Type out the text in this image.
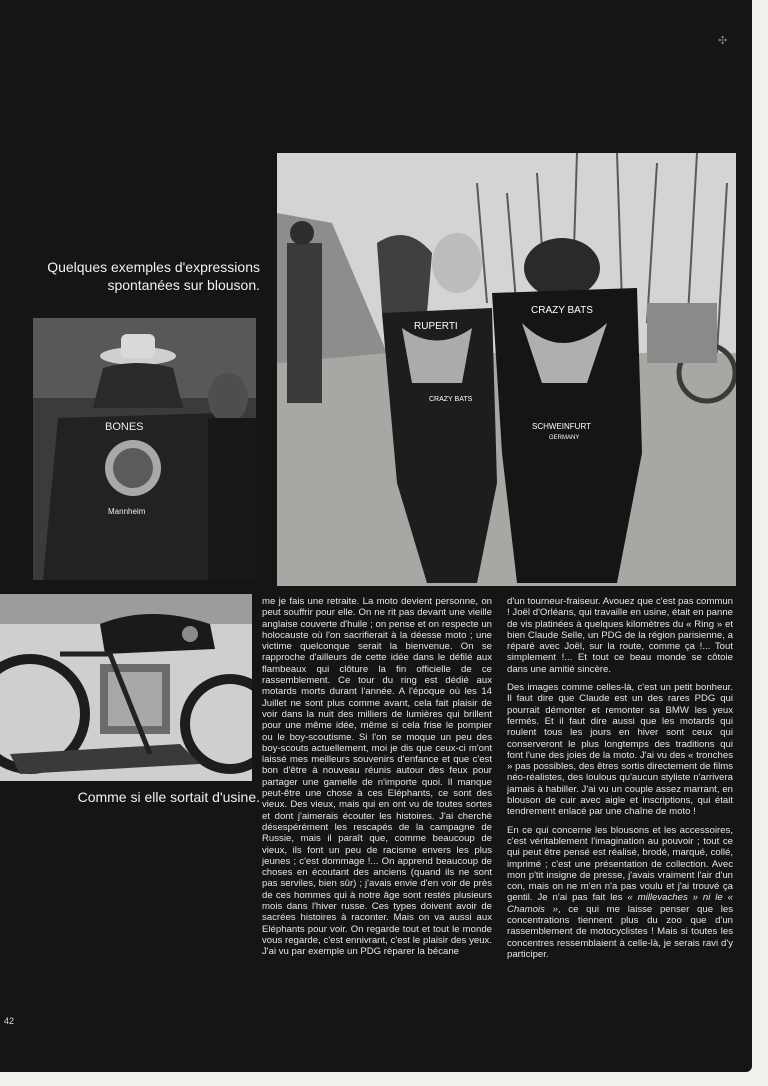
✣
RUPERTI
CRAZY BATS
CRAZY BATS
SCHWEINFURT
GERMANY
Quelques exemples d'expressions spontanées sur blouson.
BONES
Mannheim
Comme si elle sortait d'usine.

me je fais une retraite. La moto devient personne, on peut souffrir pour elle. On ne rit pas devant une vieille anglaise couverte d'huile ; on pense et on respecte un holocauste où l'on sacrifierait à la déesse moto ; une victime quelconque serait la bienvenue. On se rapproche d'ailleurs de cette idée dans le défilé aux flambeaux qui clôture la fin officielle de ce rassemblement. Ce tour du ring est dédié aux motards morts durant l'année. A l'époque où les 14 Juillet ne sont plus comme avant, cela fait plaisir de voir dans la nuit des milliers de lumières qui brillent pour une même idée, même si cela frise le pompier ou le boy-scoutisme. Si l'on se moque un peu des boy-scouts actuellement, moi je dis que ceux-ci m'ont laissé mes meilleurs souvenirs d'enfance et que c'est bon d'être à nouveau réunis autour des feux pour partager une gamelle de n'importe quoi. Il manque peut-être une chose à ces Eléphants, ce sont des vieux. Des vieux, mais qui en ont vu de toutes sortes et dont j'aimerais écouter les histoires. J'ai cherché désespérément les rescapés de la campagne de Russie, mais il paraît que, comme beaucoup de vieux, ils font un peu de racisme envers les plus jeunes ; c'est dommage !... On apprend beaucoup de choses en écoutant des anciens (quand ils ne sont pas serviles, bien sûr) ; j'avais envie d'en voir de près de ces hommes qui à notre âge sont restés plusieurs mois dans l'hiver russe. Ces types doivent avoir de sacrées histoires à raconter. Mais on va aussi aux Eléphants pour voir. On regarde tout et tout le monde vous regarde, c'est ennivrant, c'est le plaisir des yeux. J'ai vu par exemple un PDG réparer la bécane

d'un tourneur-fraiseur. Avouez que c'est pas commun ! Joël d'Orléans, qui travaille en usine, était en panne de vis platinées à quelques kilomètres du « Ring » et bien Claude Selle, un PDG de la région parisienne, a réparé avec Joël, sur la route, comme ça !... Tout simplement !... Et tout ce beau monde se côtoie dans une amitié sincère.

Des images comme celles-là, c'est un petit bonheur. Il faut dire que Claude est un des rares PDG qui pourrait démonter et remonter sa BMW les yeux fermés. Et il faut dire aussi que les motards qui roulent tous les jours en hiver sont ceux qui conserveront le plus longtemps des traditions qui font l'une des joies de la moto. J'ai vu des « tronches » pas possibles, des êtres sortis directement de films néo-réalistes, des loulous qu'aucun styliste n'arrivera jamais à habiller. J'ai vu un couple assez marrant, en blouson de cuir avec aigle et inscriptions, qui était tendrement enlacé par une chaîne de moto !

En ce qui concerne les blousons et les accessoires, c'est véritablement l'imagination au pouvoir ; tout ce qui peut être pensé est réalisé, brodé, marqué, collé, imprimé ; c'est une présentation de collection. Avec mon p'tit insigne de presse, j'avais vraiment l'air d'un con, mais on ne m'en n'a pas voulu et j'ai trouvé ça gentil. Je n'ai pas fait les « millevaches » ni le « Chamois », ce qui me laisse penser que les concentrations tiennent plus du zoo que d'un rassemblement de motocyclistes ! Mais si toutes les concentres ressemblaient à celle-là, je serais ravi d'y participer.

42
